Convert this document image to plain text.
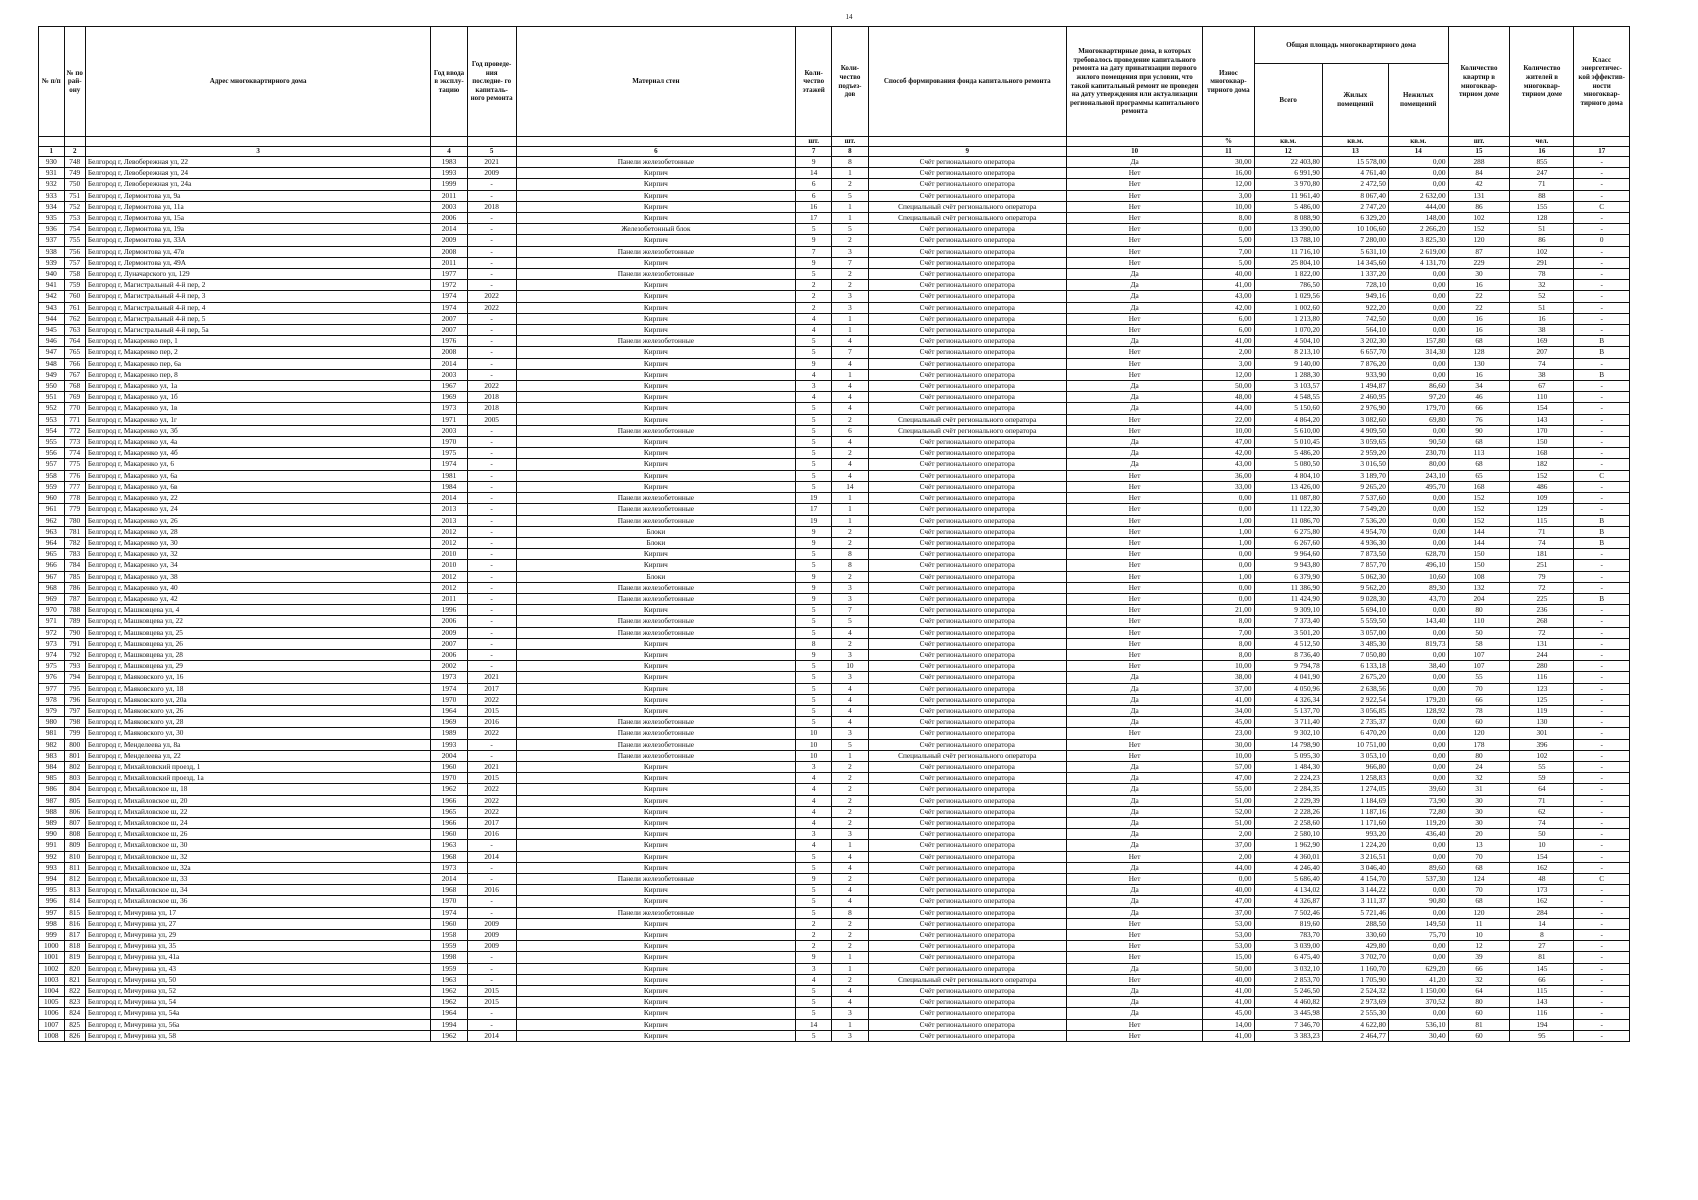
14
№ п/п	№ по рай- ону	Адрес многоквартирного дома	Год ввода в эксплу- тацию	Год проведе- ния последне- го капиталь- ного ремонта	Материал стен	Коли- чество этажей	Коли- чество подъез- дов	Способ формирования фонда капитального ремонта	Многоквартирные дома, в которых требовалось проведение капитального ремонта на дату приватизации первого жилого помещения при условии, что такой капитальный ремонт не проведен на дату утверждения или актуализации региональной программы капитального ремонта	Износ многоквар- тирного дома	Общая площадь многоквартирного дома			Количество квартир в многоквар- тирном доме	Количество жителей в многоквар- тирном доме	Класс энергетичес- кой эффектив- ности многоквар- тирного дома
											Всего	Жилых помещений	Нежилых помещений			
						шт.	шт.			%	кв.м.	кв.м.	кв.м.	шт.	чел.	
1	2	3	4	5	6	7	8	9	10	11	12	13	14	15	16	17
930	748	Белгород г, Левобережная ул, 22	1983	2021	Панели железобетонные	9	8	Счёт регионального оператора	Да	30,00	22 403,80	15 578,00	0,00	288	855	-
931	749	Белгород г, Левобережная ул, 24	1993	2009	Кирпич	14	1	Счёт регионального оператора	Нет	16,00	6 991,90	4 761,40	0,00	84	247	-
932	750	Белгород г, Левобережная ул, 24а	1999	-	Кирпич	6	2	Счёт регионального оператора	Нет	12,00	3 970,80	2 472,50	0,00	42	71	-
933	751	Белгород г, Лермонтова ул, 9а	2011	-	Кирпич	6	5	Счёт регионального оператора	Нет	3,00	11 961,40	8 067,40	2 632,00	131	88	-
934	752	Белгород г, Лермонтова ул, 11а	2003	2018	Кирпич	16	1	Специальный счёт регионального оператора	Нет	10,00	5 486,00	2 747,20	444,00	86	155	С
935	753	Белгород г, Лермонтова ул, 15а	2006	-	Кирпич	17	1	Специальный счёт регионального оператора	Нет	8,00	8 088,90	6 329,20	148,00	102	128	-
936	754	Белгород г, Лермонтова ул, 19а	2014	-	Железобетонный блок	5	5	Счёт регионального оператора	Нет	0,00	13 390,00	10 106,60	2 266,20	152	51	-
937	755	Белгород г, Лермонтова ул, 33А	2009	-	Кирпич	9	2	Счёт регионального оператора	Нет	5,00	13 788,10	7 280,00	3 825,30	120	86	0
938	756	Белгород г, Лермонтова ул, 47в	2008	-	Панели железобетонные	7	3	Счёт регионального оператора	Нет	7,00	11 716,10	5 631,10	2 619,00	87	102	-
939	757	Белгород г, Лермонтова ул, 49А	2011	-	Кирпич	9	7	Счёт регионального оператора	Нет	5,00	25 804,10	14 345,60	4 131,70	229	291	-
940	758	Белгород г, Луначарского ул, 129	1977	-	Панели железобетонные	5	2	Счёт регионального оператора	Да	40,00	1 822,00	1 337,20	0,00	30	78	-
941	759	Белгород г, Магистральный 4-й пер, 2	1972	-	Кирпич	2	2	Счёт регионального оператора	Да	41,00	786,50	728,10	0,00	16	32	-
942	760	Белгород г, Магистральный 4-й пер, 3	1974	2022	Кирпич	2	3	Счёт регионального оператора	Да	43,00	1 029,56	949,16	0,00	22	52	-
943	761	Белгород г, Магистральный 4-й пер, 4	1974	2022	Кирпич	2	3	Счёт регионального оператора	Да	42,00	1 002,60	922,20	0,00	22	51	-
944	762	Белгород г, Магистральный 4-й пер, 5	2007	-	Кирпич	4	1	Счёт регионального оператора	Нет	6,00	1 213,80	742,50	0,00	16	16	-
945	763	Белгород г, Магистральный 4-й пер, 5а	2007	-	Кирпич	4	1	Счёт регионального оператора	Нет	6,00	1 070,20	564,10	0,00	16	38	-
946	764	Белгород г, Макаренко пер, 1	1976	-	Панели железобетонные	5	4	Счёт регионального оператора	Да	41,00	4 504,10	3 202,30	157,80	68	169	В
947	765	Белгород г, Макаренко пер, 2	2008	-	Кирпич	5	7	Счёт регионального оператора	Нет	2,00	8 213,10	6 657,70	314,30	128	207	В
948	766	Белгород г, Макаренко пер, 6а	2014	-	Кирпич	9	4	Счёт регионального оператора	Нет	3,00	9 140,00	7 876,20	0,00	130	74	-
949	767	Белгород г, Макаренко пер, 8	2003	-	Кирпич	4	1	Счёт регионального оператора	Нет	12,00	1 288,30	933,90	0,00	16	38	В
950	768	Белгород г, Макаренко ул, 1а	1967	2022	Кирпич	3	4	Счёт регионального оператора	Да	50,00	3 103,57	1 494,87	86,60	34	67	-
951	769	Белгород г, Макаренко ул, 1б	1969	2018	Кирпич	4	4	Счёт регионального оператора	Да	48,00	4 548,55	2 460,95	97,20	46	110	-
952	770	Белгород г, Макаренко ул, 1в	1973	2018	Кирпич	5	4	Счёт регионального оператора	Да	44,00	5 150,60	2 976,90	179,70	66	154	-
953	771	Белгород г, Макаренко ул, 1г	1971	2005	Кирпич	5	2	Специальный счёт регионального оператора	Нет	22,00	4 864,20	3 082,60	69,80	76	143	-
954	772	Белгород г, Макаренко ул, 3б	2003	-	Панели железобетонные	5	6	Специальный счёт регионального оператора	Нет	10,00	5 610,00	4 909,50	0,00	90	170	-
955	773	Белгород г, Макаренко ул, 4а	1970	-	Кирпич	5	4	Счёт регионального оператора	Да	47,00	5 010,45	3 059,65	90,50	68	150	-
956	774	Белгород г, Макаренко ул, 4б	1975	-	Кирпич	5	2	Счёт регионального оператора	Да	42,00	5 486,20	2 959,20	230,70	113	168	-
957	775	Белгород г, Макаренко ул, 6	1974	-	Кирпич	5	4	Счёт регионального оператора	Да	43,00	5 080,50	3 016,50	80,00	68	182	-
958	776	Белгород г, Макаренко ул, 6а	1981	-	Кирпич	5	4	Счёт регионального оператора	Нет	36,00	4 804,10	3 189,70	243,10	65	152	С
959	777	Белгород г, Макаренко ул, 6в	1984	-	Кирпич	5	14	Счёт регионального оператора	Нет	33,00	13 426,00	9 265,20	495,70	168	486	-
960	778	Белгород г, Макаренко ул, 22	2014	-	Панели железобетонные	19	1	Счёт регионального оператора	Нет	0,00	11 087,80	7 537,60	0,00	152	109	-
961	779	Белгород г, Макаренко ул, 24	2013	-	Панели железобетонные	17	1	Счёт регионального оператора	Нет	0,00	11 122,30	7 549,20	0,00	152	129	-
962	780	Белгород г, Макаренко ул, 26	2013	-	Панели железобетонные	19	1	Счёт регионального оператора	Нет	1,00	11 086,70	7 536,20	0,00	152	115	В
963	781	Белгород г, Макаренко ул, 28	2012	-	Блоки	9	2	Счёт регионального оператора	Нет	1,00	6 275,80	4 954,70	0,00	144	71	В
964	782	Белгород г, Макаренко ул, 30	2012	-	Блоки	9	2	Счёт регионального оператора	Нет	1,00	6 267,60	4 936,30	0,00	144	74	В
965	783	Белгород г, Макаренко ул, 32	2010	-	Кирпич	5	8	Счёт регионального оператора	Нет	0,00	9 964,60	7 873,50	628,70	150	181	-
966	784	Белгород г, Макаренко ул, 34	2010	-	Кирпич	5	8	Счёт регионального оператора	Нет	0,00	9 943,80	7 857,70	496,10	150	251	-
967	785	Белгород г, Макаренко ул, 38	2012	-	Блоки	9	2	Счёт регионального оператора	Нет	1,00	6 379,90	5 062,30	10,60	108	79	-
968	786	Белгород г, Макаренко ул, 40	2012	-	Панели железобетонные	9	3	Счёт регионального оператора	Нет	0,00	11 386,90	9 562,20	89,30	132	72	-
969	787	Белгород г, Макаренко ул, 42	2011	-	Панели железобетонные	9	3	Счёт регионального оператора	Нет	0,00	11 424,90	9 028,30	43,70	204	225	В
970	788	Белгород г, Машковцева ул, 4	1996	-	Кирпич	5	7	Счёт регионального оператора	Нет	21,00	9 309,10	5 694,10	0,00	80	236	-
971	789	Белгород г, Машковцева ул, 22	2006	-	Панели железобетонные	5	5	Счёт регионального оператора	Нет	8,00	7 373,40	5 559,50	143,40	110	268	-
972	790	Белгород г, Машковцева ул, 25	2009	-	Панели железобетонные	5	4	Счёт регионального оператора	Нет	7,00	3 501,20	3 057,00	0,00	50	72	-
973	791	Белгород г, Машковцева ул, 26	2007	-	Кирпич	8	2	Счёт регионального оператора	Нет	8,00	4 512,50	3 485,30	819,73	58	131	-
974	792	Белгород г, Машковцева ул, 28	2006	-	Кирпич	9	3	Счёт регионального оператора	Нет	8,00	8 736,40	7 050,80	0,00	107	244	-
975	793	Белгород г, Машковцева ул, 29	2002	-	Кирпич	5	10	Счёт регионального оператора	Нет	10,00	9 794,78	6 133,18	38,40	107	280	-
976	794	Белгород г, Маяковского ул, 16	1973	2021	Кирпич	5	3	Счёт регионального оператора	Да	38,00	4 041,90	2 675,20	0,00	55	116	-
977	795	Белгород г, Маяковского ул, 18	1974	2017	Кирпич	5	4	Счёт регионального оператора	Да	37,00	4 050,96	2 638,56	0,00	70	123	-
978	796	Белгород г, Маяковского ул, 20а	1970	2022	Кирпич	5	4	Счёт регионального оператора	Да	41,00	4 326,34	2 922,54	179,20	66	125	-
979	797	Белгород г, Маяковского ул, 26	1964	2015	Кирпич	5	4	Счёт регионального оператора	Да	34,00	5 137,70	3 056,85	128,92	78	119	-
980	798	Белгород г, Маяковского ул, 28	1969	2016	Панели железобетонные	5	4	Счёт регионального оператора	Да	45,00	3 711,40	2 735,37	0,00	60	130	-
981	799	Белгород г, Маяковского ул, 30	1989	2022	Панели железобетонные	10	3	Счёт регионального оператора	Нет	23,00	9 302,10	6 470,20	0,00	120	301	-
982	800	Белгород г, Менделеева ул, 8а	1993	-	Панели железобетонные	10	5	Счёт регионального оператора	Нет	30,00	14 798,90	10 751,00	0,00	178	396	-
983	801	Белгород г, Менделеева ул, 22	2004	-	Панели железобетонные	10	1	Специальный счёт регионального оператора	Нет	10,00	5 095,30	3 053,10	0,00	80	102	-
984	802	Белгород г, Михайловский проезд, 1	1960	2021	Кирпич	3	2	Счёт регионального оператора	Да	57,00	1 484,30	966,80	0,00	24	55	-
985	803	Белгород г, Михайловский проезд, 1а	1970	2015	Кирпич	4	2	Счёт регионального оператора	Да	47,00	2 224,23	1 258,83	0,00	32	59	-
986	804	Белгород г, Михайловское ш, 18	1962	2022	Кирпич	4	2	Счёт регионального оператора	Да	55,00	2 284,35	1 274,05	39,60	31	64	-
987	805	Белгород г, Михайловское ш, 20	1966	2022	Кирпич	4	2	Счёт регионального оператора	Да	51,00	2 229,39	1 184,69	73,90	30	71	-
988	806	Белгород г, Михайловское ш, 22	1965	2022	Кирпич	4	2	Счёт регионального оператора	Да	52,00	2 228,26	1 187,16	72,80	30	62	-
989	807	Белгород г, Михайловское ш, 24	1966	2017	Кирпич	4	2	Счёт регионального оператора	Да	51,00	2 258,60	1 171,60	119,20	30	74	-
990	808	Белгород г, Михайловское ш, 26	1960	2016	Кирпич	3	3	Счёт регионального оператора	Да	2,00	2 580,10	993,20	436,40	20	50	-
991	809	Белгород г, Михайловское ш, 30	1963	-	Кирпич	4	1	Счёт регионального оператора	Да	37,00	1 962,90	1 224,20	0,00	13	10	-
992	810	Белгород г, Михайловское ш, 32	1968	2014	Кирпич	5	4	Счёт регионального оператора	Нет	2,00	4 360,01	3 216,51	0,00	70	154	-
993	811	Белгород г, Михайловское ш, 32а	1973	-	Кирпич	5	4	Счёт регионального оператора	Да	44,00	4 246,40	3 046,40	89,60	68	162	-
994	812	Белгород г, Михайловское ш, 33	2014	-	Панели железобетонные	9	2	Счёт регионального оператора	Нет	0,00	5 686,40	4 154,70	537,30	124	48	С
995	813	Белгород г, Михайловское ш, 34	1968	2016	Кирпич	5	4	Счёт регионального оператора	Да	40,00	4 134,02	3 144,22	0,00	70	173	-
996	814	Белгород г, Михайловское ш, 36	1970	-	Кирпич	5	4	Счёт регионального оператора	Да	47,00	4 326,87	3 111,37	90,80	68	162	-
997	815	Белгород г, Мичурина ул, 17	1974	-	Панели железобетонные	5	8	Счёт регионального оператора	Да	37,00	7 502,46	5 721,46	0,00	120	284	-
998	816	Белгород г, Мичурина ул, 27	1960	2009	Кирпич	2	2	Счёт регионального оператора	Нет	53,00	819,60	288,50	149,50	11	14	-
999	817	Белгород г, Мичурина ул, 29	1958	2009	Кирпич	2	2	Счёт регионального оператора	Нет	53,00	783,70	330,60	75,70	10	8	-
1000	818	Белгород г, Мичурина ул, 35	1959	2009	Кирпич	2	2	Счёт регионального оператора	Нет	53,00	3 039,00	429,80	0,00	12	27	-
1001	819	Белгород г, Мичурина ул, 41а	1998	-	Кирпич	9	1	Счёт регионального оператора	Нет	15,00	6 475,40	3 702,70	0,00	39	81	-
1002	820	Белгород г, Мичурина ул, 43	1959	-	Кирпич	3	1	Счёт регионального оператора	Да	50,00	3 032,10	1 160,70	629,20	66	145	-
1003	821	Белгород г, Мичурина ул, 50	1963	-	Кирпич	4	2	Специальный счёт регионального оператора	Нет	40,00	2 853,70	1 705,90	41,20	32	66	-
1004	822	Белгород г, Мичурина ул, 52	1962	2015	Кирпич	5	4	Счёт регионального оператора	Да	41,00	5 246,50	2 524,32	1 150,00	64	115	-
1005	823	Белгород г, Мичурина ул, 54	1962	2015	Кирпич	5	4	Счёт регионального оператора	Да	41,00	4 460,82	2 973,69	370,52	80	143	-
1006	824	Белгород г, Мичурина ул, 54а	1964	-	Кирпич	5	3	Счёт регионального оператора	Да	45,00	3 445,98	2 555,30	0,00	60	116	-
1007	825	Белгород г, Мичурина ул, 56а	1994	-	Кирпич	14	1	Счёт регионального оператора	Нет	14,00	7 346,70	4 622,80	536,10	81	194	-
1008	826	Белгород г, Мичурина ул, 58	1962	2014	Кирпич	5	3	Счёт регионального оператора	Нет	41,00	3 383,23	2 464,77	30,40	60	95	-
